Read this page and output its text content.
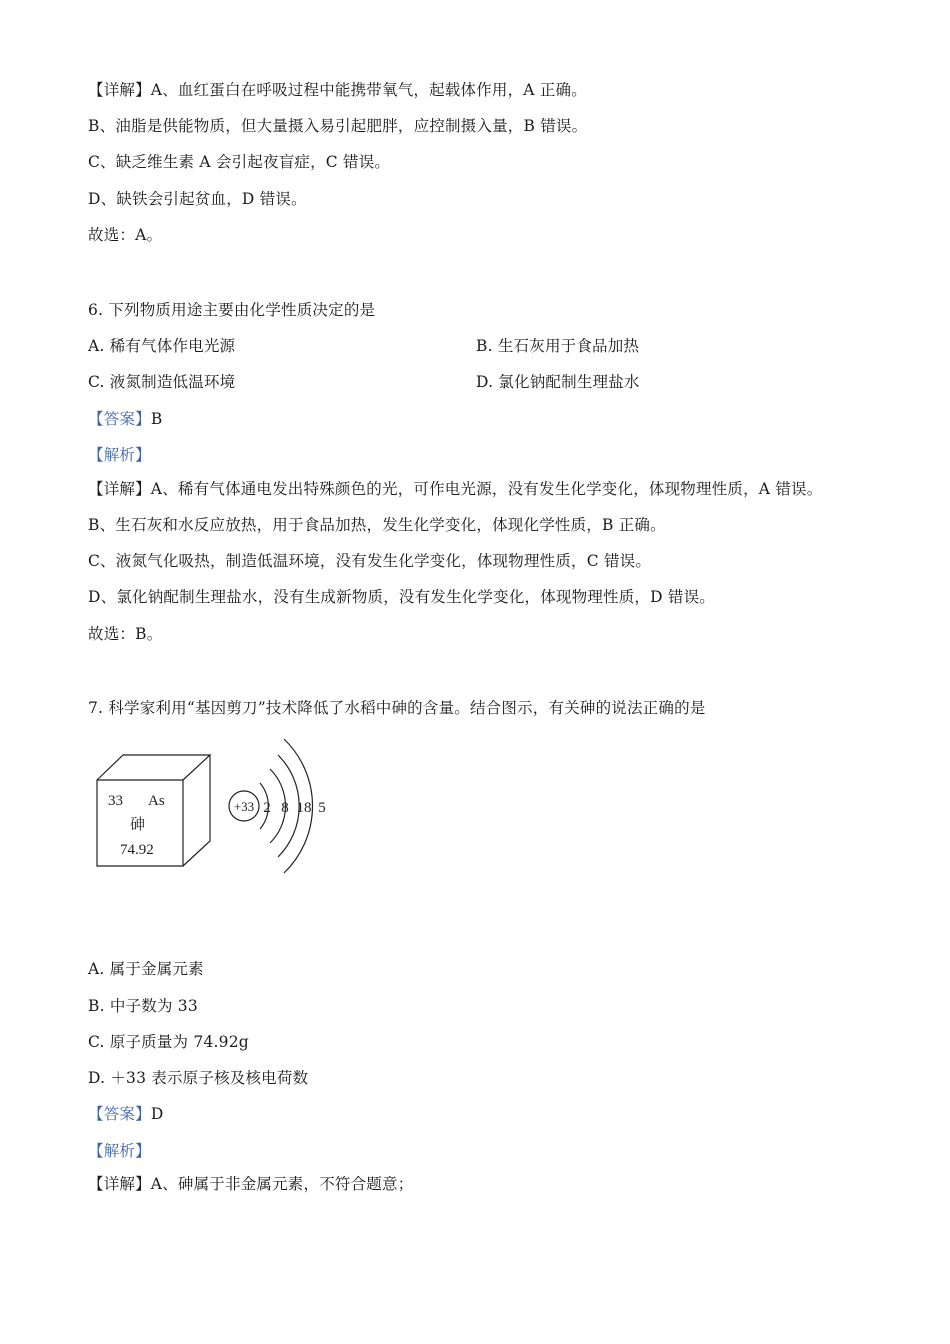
【详解】A、血红蛋白在呼吸过程中能携带氧气，起载体作用，A 正确。
B、油脂是供能物质，但大量摄入易引起肥胖，应控制摄入量，B 错误。
C、缺乏维生素 A 会引起夜盲症，C 错误。
D、缺铁会引起贫血，D 错误。
故选：A。
6. 下列物质用途主要由化学性质决定的是
A. 稀有气体作电光源	B. 生石灰用于食品加热
C. 液氮制造低温环境	D. 氯化钠配制生理盐水
【答案】B
【解析】
【详解】A、稀有气体通电发出特殊颜色的光，可作电光源，没有发生化学变化，体现物理性质，A 错误。
B、生石灰和水反应放热，用于食品加热，发生化学变化，体现化学性质，B 正确。
C、液氮气化吸热，制造低温环境，没有发生化学变化，体现物理性质，C 错误。
D、氯化钠配制生理盐水，没有生成新物质，没有发生化学变化，体现物理性质，D 错误。
故选：B。
7. 科学家利用“基因剪刀”技术降低了水稻中砷的含量。结合图示，有关砷的说法正确的是
33 As
砷
74.92
+33 2 8 18 5
A. 属于金属元素
B. 中子数为 33
C. 原子质量为 74.92g
D. ＋33 表示原子核及核电荷数
【答案】D
【解析】
【详解】A、砷属于非金属元素，不符合题意；
